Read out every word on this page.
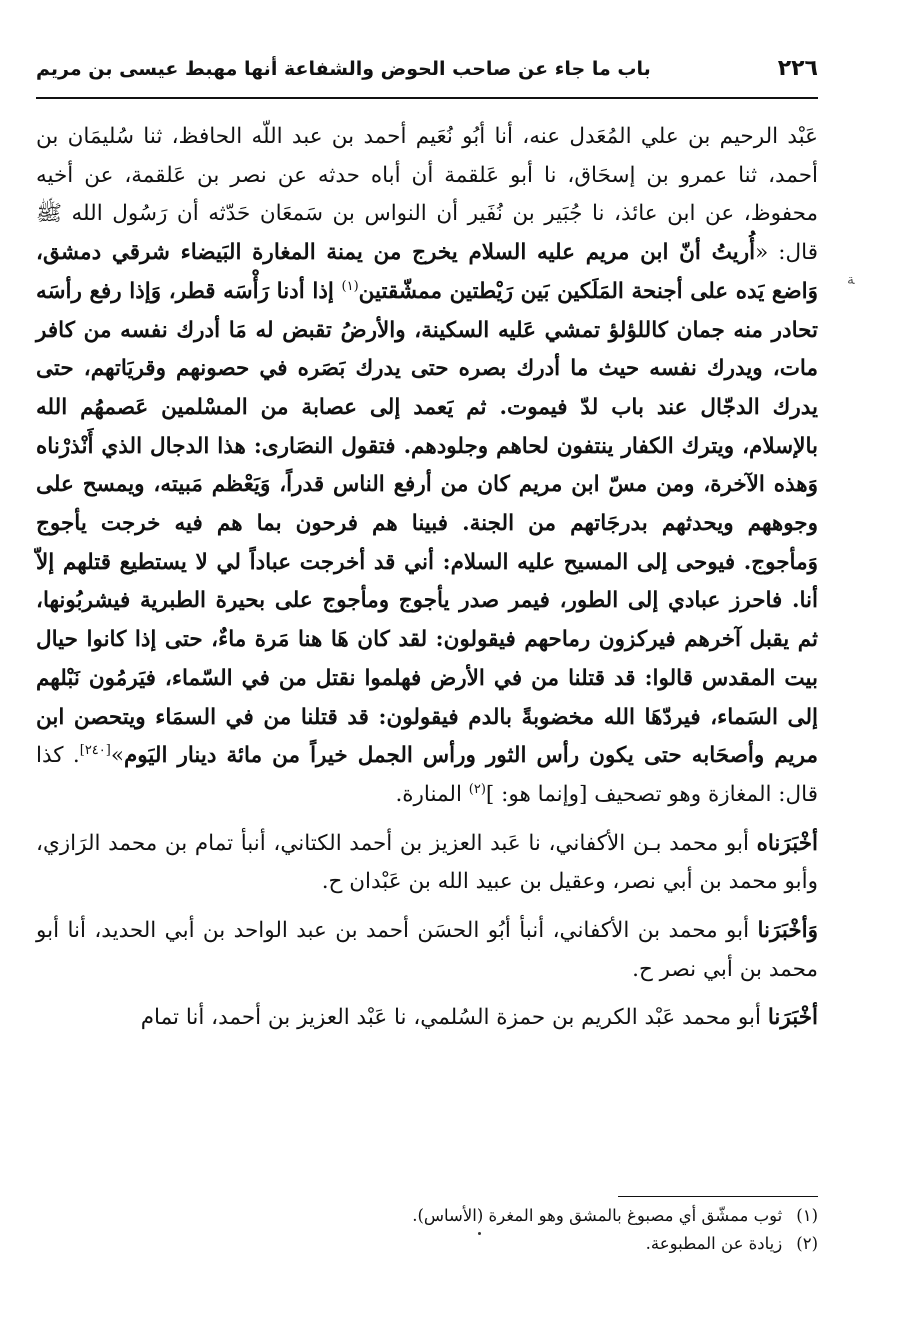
٢٢٦
باب ما جاء عن صاحب الحوض والشفاعة أنها مهبط عيسى بن مريم
ﺔ

عَبْد الرحيم بن علي المُعَدل عنه، أنا أبُو نُعَيم أحمد بن عبد اللّه الحافظ، ثنا سُليمَان بن أحمد، ثنا عمرو بن إسحَاق، نا أبو عَلقمة أن أباه حدثه عن نصر بن عَلقمة، عن أخيه محفوظ، عن ابن عائذ، نا جُبَير بن نُفَير أن النواس بن سَمعَان حَدّثه أن رَسُول الله ﷺ قال: «أُريتُ أنّ ابن مريم عليه السلام يخرج من يمنة المغارة البَيضاء شرقي دمشق، وَاضع يَده على أجنحة المَلَكين بَين رَيْطتين ممشّقتين$^{(١)}$ إذا أدنا رَأْسَه قطر، وَإذا رفع رأسَه تحادر منه جمان كاللؤلؤ تمشي عَليه السكينة، والأرضُ تقبض له مَا أدرك نفسه من كافر مات، ويدرك نفسه حيث ما أدرك بصره حتى يدرك بَصَره في حصونهم وقريَاتهم، حتى يدرك الدجّال عند باب لدّ فيموت. ثم يَعمد إلى عصابة من المسْلمين عَصمهُم الله بالإسلام، ويترك الكفار ينتفون لحاهم وجلودهم. فتقول النصَارى: هذا الدجال الذي أَنْذرْناه وَهذه الآخرة، ومن مسّ ابن مريم كان من أرفع الناس قدراً، وَيَعْظم مَبيته، ويمسح على وجوههم ويحدثهم بدرجَاتهم من الجنة. فبينا هم فرحون بما هم فيه خرجت يأجوج وَمأجوج. فيوحى إلى المسيح عليه السلام: أني قد أخرجت عباداً لي لا يستطيع قتلهم إلاّ أنا. فاحرز عبادي إلى الطور، فيمر صدر يأجوج ومأجوج على بحيرة الطبرية فيشربُونها، ثم يقبل آخرهم فيركزون رماحهم فيقولون: لقد كان هَا هنا مَرة ماءٌ، حتى إذا كانوا حيال بيت المقدس قالوا: قد قتلنا من في الأرض فهلموا نقتل من في السّماء، فيَرمُون نَبْلهم إلى السَماء، فيردّهَا الله مخضوبةً بالدم فيقولون: قد قتلنا من في السمَاء ويتحصن ابن مريم وأصحَابه حتى يكون رأس الثور ورأس الجمل خيراً من مائة دينار اليَوم»[٢٤٠]. كذا قال: المغازة وهو تصحيف [وإنما هو: ]$^{(٢)}$ المنارة.

أخْبَرَناه أبو محمد بـن الأكفاني، نا عَبد العزيز بن أحمد الكتاني، أنبأ تمام بن محمد الرَازي، وأبو محمد بن أبي نصر، وعقيل بن عبيد الله بن عَبْدان ح.

وَأخْبَرَنا أبو محمد بن الأكفاني، أنبأ أبُو الحسَن أحمد بن عبد الواحد بن أبي الحديد، أنا أبو محمد بن أبي نصر ح.

أخْبَرَنا أبو محمد عَبْد الكريم بن حمزة السُلمي، نا عَبْد العزيز بن أحمد، أنا تمام

(١)
ثوب ممشّق أي مصبوغ بالمشق وهو المغرة (الأساس).
(٢)
زيادة عن المطبوعة.
